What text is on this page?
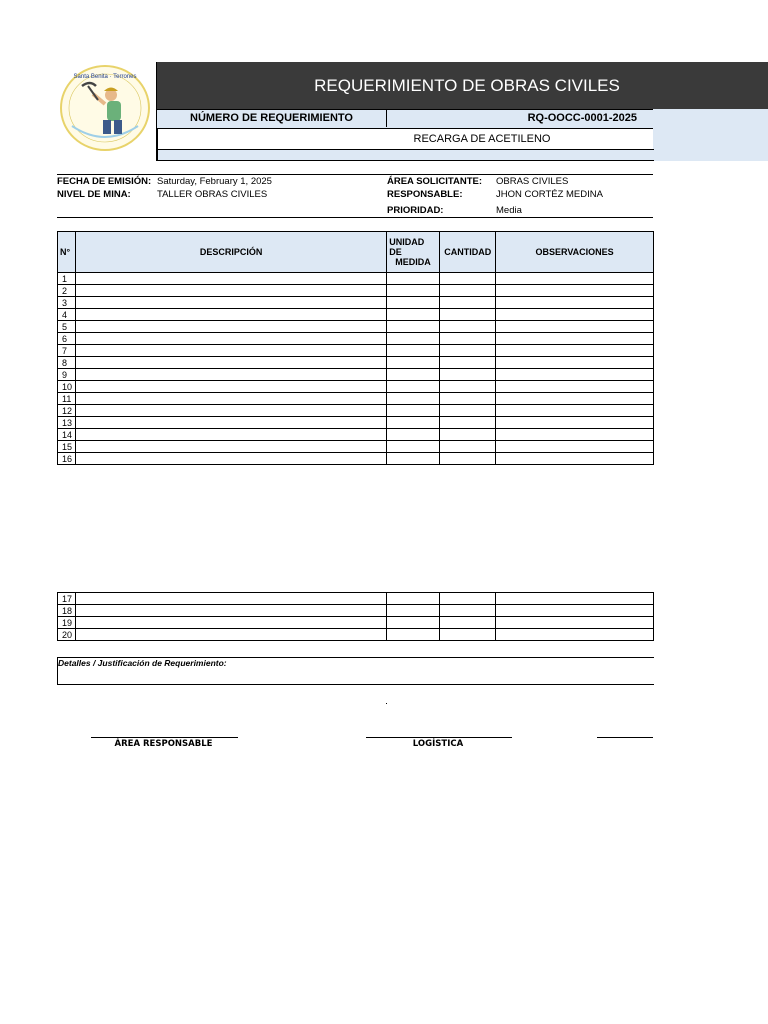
Santa Benita · Terrones	REQUERIMIENTO DE OBRAS CIVILES
NÚMERO DE REQUERIMIENTO	RQ-OOCC-0001-2025
RECARGA DE ACETILENO
FECHA DE EMISIÓN: Saturday, February 1, 2025
NIVEL DE MINA:	TALLER OBRAS CIVILES
ÁREA SOLICITANTE: OBRAS CIVILES
RESPONSABLE:	JHON CORTÉZ MEDINA
PRIORIDAD:	Media
N°	DESCRIPCIÓN	UNIDAD
DE
MEDIDA	CANTIDAD	OBSERVACIONES
1				
2				
3				
4				
5				
6				
7				
8				
9				
10				
11				
12				
13				
14				
15				
16				
17				
18				
19				
20				
Detalles / Justificación de Requerimiento:
ÁREA RESPONSABLE	LOGÍSTICA
